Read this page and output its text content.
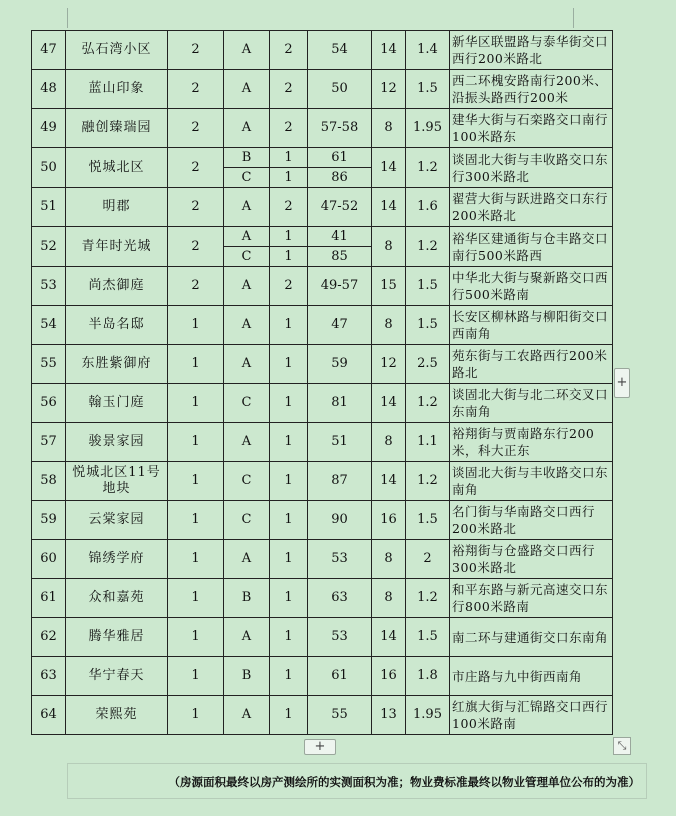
47	弘石湾小区	2	A	2	54	14	1.4	新华区联盟路与泰华街交口西行200米路北
48	蓝山印象	2	A	2	50	12	1.5	西二环槐安路南行200米、沿振头路西行200米
49	融创臻瑞园	2	A	2	57-58	8	1.95	建华大街与石栾路交口南行100米路东
50	悦城北区	2	B	1	61	14	1.2	谈固北大街与丰收路交口东行300米路北
			C	1	86			
51	明郡	2	A	2	47-52	14	1.6	翟营大街与跃进路交口东行200米路北
52	青年时光城	2	A	1	41	8	1.2	裕华区建通街与仓丰路交口南行500米路西
			C	1	85			
53	尚杰御庭	2	A	2	49-57	15	1.5	中华北大街与聚新路交口西行500米路南
54	半岛名邸	1	A	1	47	8	1.5	长安区柳林路与柳阳街交口西南角
55	东胜紫御府	1	A	1	59	12	2.5	苑东街与工农路西行200米路北
56	翰玉门庭	1	C	1	81	14	1.2	谈固北大街与北二环交叉口东南角
57	骏景家园	1	A	1	51	8	1.1	裕翔街与贾南路东行200米，科大正东
58	悦城北区11号地块	1	C	1	87	14	1.2	谈固北大街与丰收路交口东南角
59	云棠家园	1	C	1	90	16	1.5	名门街与华南路交口西行200米路北
60	锦绣学府	1	A	1	53	8	2	裕翔街与仓盛路交口西行300米路北
61	众和嘉苑	1	B	1	63	8	1.2	和平东路与新元高速交口东行800米路南
62	腾华雅居	1	A	1	53	14	1.5	南二环与建通街交口东南角
63	华宁春天	1	B	1	61	16	1.8	市庄路与九中街西南角
64	荣熙苑	1	A	1	55	13	1.95	红旗大街与汇锦路交口西行100米路南
+
+	⤡
（房源面积最终以房产测绘所的实测面积为准；物业费标准最终以物业管理单位公布的为准）
